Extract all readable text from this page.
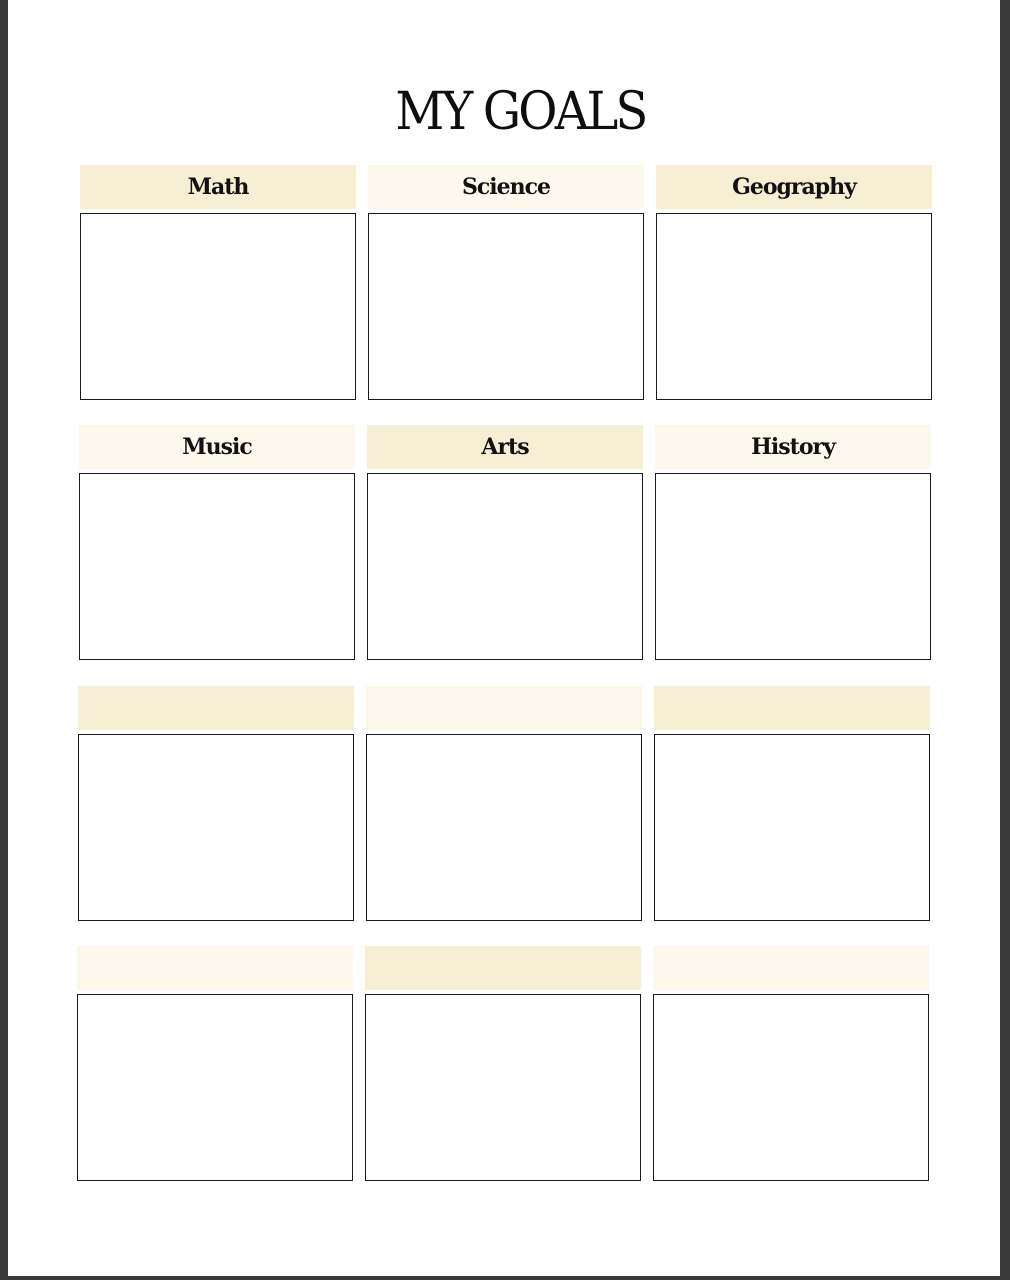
MY GOALS
Math	Science	Geography
Music	Arts	History
